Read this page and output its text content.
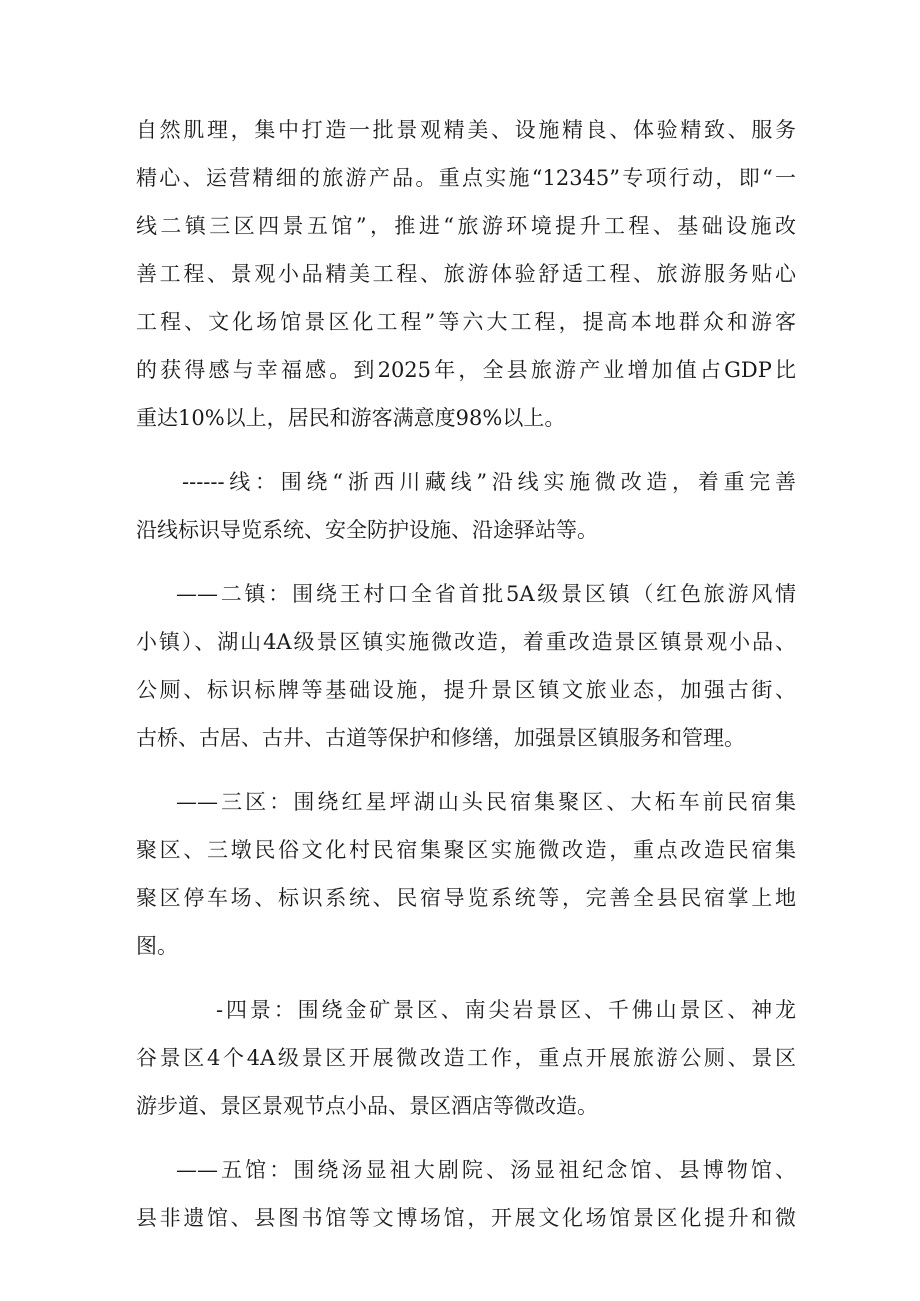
自然肌理，集中打造一批景观精美、设施精良、体验精致、服务
精心、运营精细的旅游产品。重点实施“12345”专项行动，即“一
线二镇三区四景五馆”，推进“旅游环境提升工程、基础设施改
善工程、景观小品精美工程、旅游体验舒适工程、旅游服务贴心
工程、文化场馆景区化工程”等六大工程，提高本地群众和游客
的获得感与幸福感。到2025年，全县旅游产业增加值占GDP比
重达10%以上，居民和游客满意度98%以上。
------线：围绕“浙西川藏线”沿线实施微改造，着重完善
沿线标识导览系统、安全防护设施、沿途驿站等。
——二镇：围绕王村口全省首批5A级景区镇（红色旅游风情
小镇）、湖山4A级景区镇实施微改造，着重改造景区镇景观小品、
公厕、标识标牌等基础设施，提升景区镇文旅业态，加强古街、
古桥、古居、古井、古道等保护和修缮，加强景区镇服务和管理。
——三区：围绕红星坪湖山头民宿集聚区、大柘车前民宿集
聚区、三墩民俗文化村民宿集聚区实施微改造，重点改造民宿集
聚区停车场、标识系统、民宿导览系统等，完善全县民宿掌上地
图。
-四景：围绕金矿景区、南尖岩景区、千佛山景区、神龙
谷景区4个4A级景区开展微改造工作，重点开展旅游公厕、景区
游步道、景区景观节点小品、景区酒店等微改造。
——五馆：围绕汤显祖大剧院、汤显祖纪念馆、县博物馆、
县非遗馆、县图书馆等文博场馆，开展文化场馆景区化提升和微
